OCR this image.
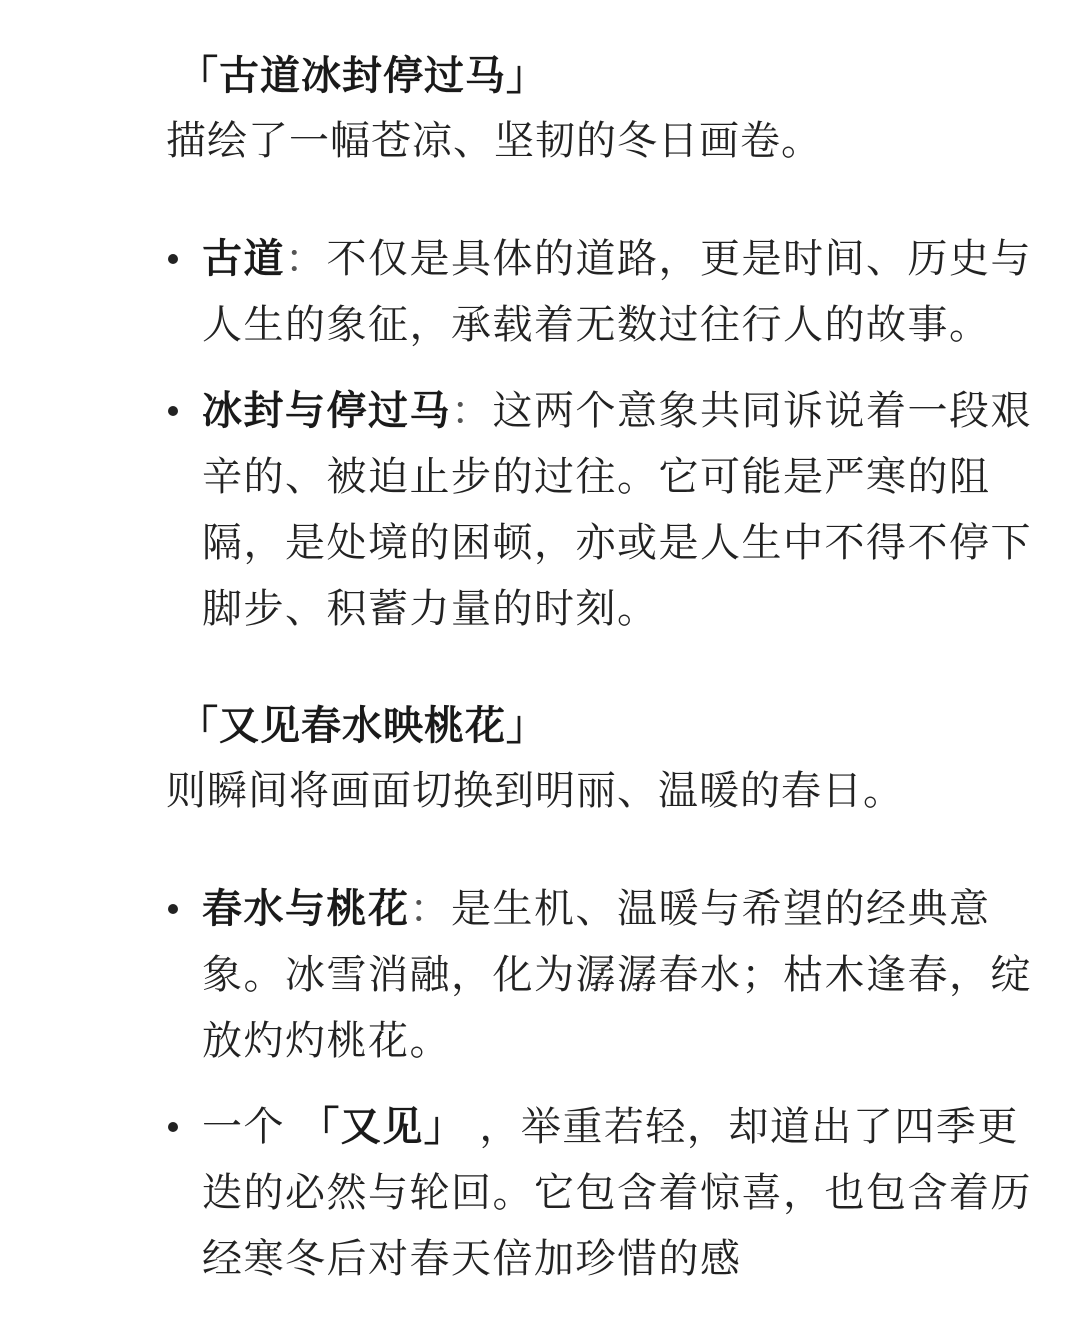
「古道冰封停过马」

描绘了一幅苍凉、坚韧的冬日画卷。

古道：不仅是具体的道路，更是时间、历史与人生的象征，承载着无数过往行人的故事。
冰封与停过马：这两个意象共同诉说着一段艰辛的、被迫止步的过往。它可能是严寒的阻隔，是处境的困顿，亦或是人生中不得不停下脚步、积蓄力量的时刻。
「又见春水映桃花」

则瞬间将画面切换到明丽、温暖的春日。

春水与桃花：是生机、温暖与希望的经典意象。冰雪消融，化为潺潺春水；枯木逢春，绽放灼灼桃花。
一个 「又见」 ，举重若轻，却道出了四季更迭的必然与轮回。它包含着惊喜，也包含着历经寒冬后对春天倍加珍惜的感
